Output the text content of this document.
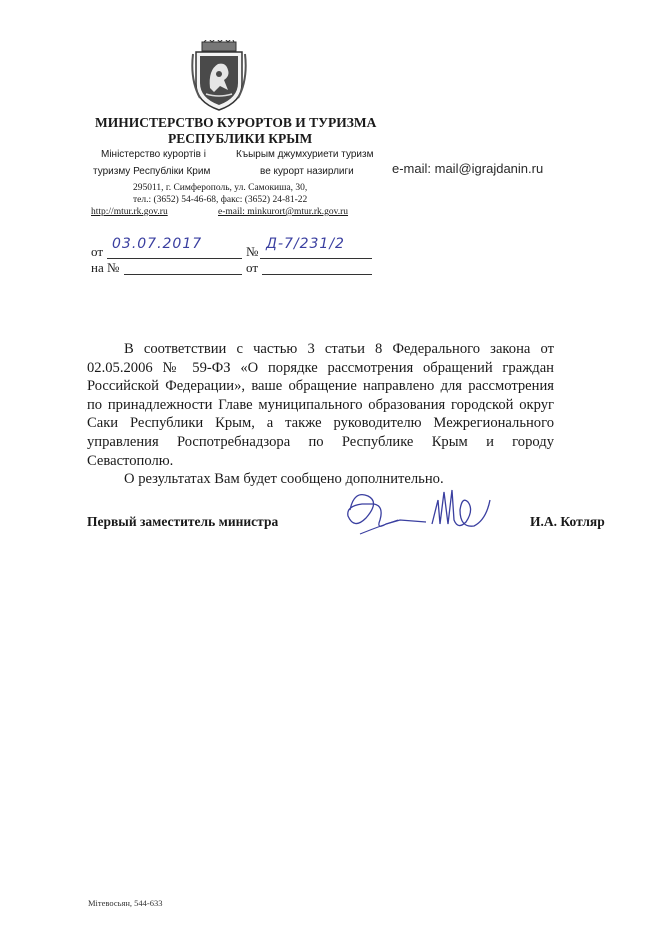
МИНИСТЕРСТВО КУРОРТОВ И ТУРИЗМА
РЕСПУБЛИКИ КРЫМ
Міністерство курортів і
туризму Республіки Крим
Къырым джумхуриети туризм
ве курорт назирлиги	e-mail: mail@igrajdanin.ru
295011, г. Симферополь, ул. Самокиша, 30,
тел.: (3652) 54-46-68, факс: (3652) 24-81-22
http://mtur.rk.gov.ru	e-mail: minkurort@mtur.rk.gov.ru
от 03.07.2017	№ Д-7/231/2
на №	от

В соответствии с частью 3 статьи 8 Федерального закона от 02.05.2006 № 59-ФЗ «О порядке рассмотрения обращений граждан Российской Федерации», ваше обращение направлено для рассмотрения по принадлежности Главе муниципального образования городской округ Саки Республики Крым, а также руководителю Межрегионального управления Роспотребнадзора по Республике Крым и городу Севастополю.

О результатах Вам будет сообщено дополнительно.

Первый заместитель министра	И.А. Котляр
Мітевосьян, 544-633
